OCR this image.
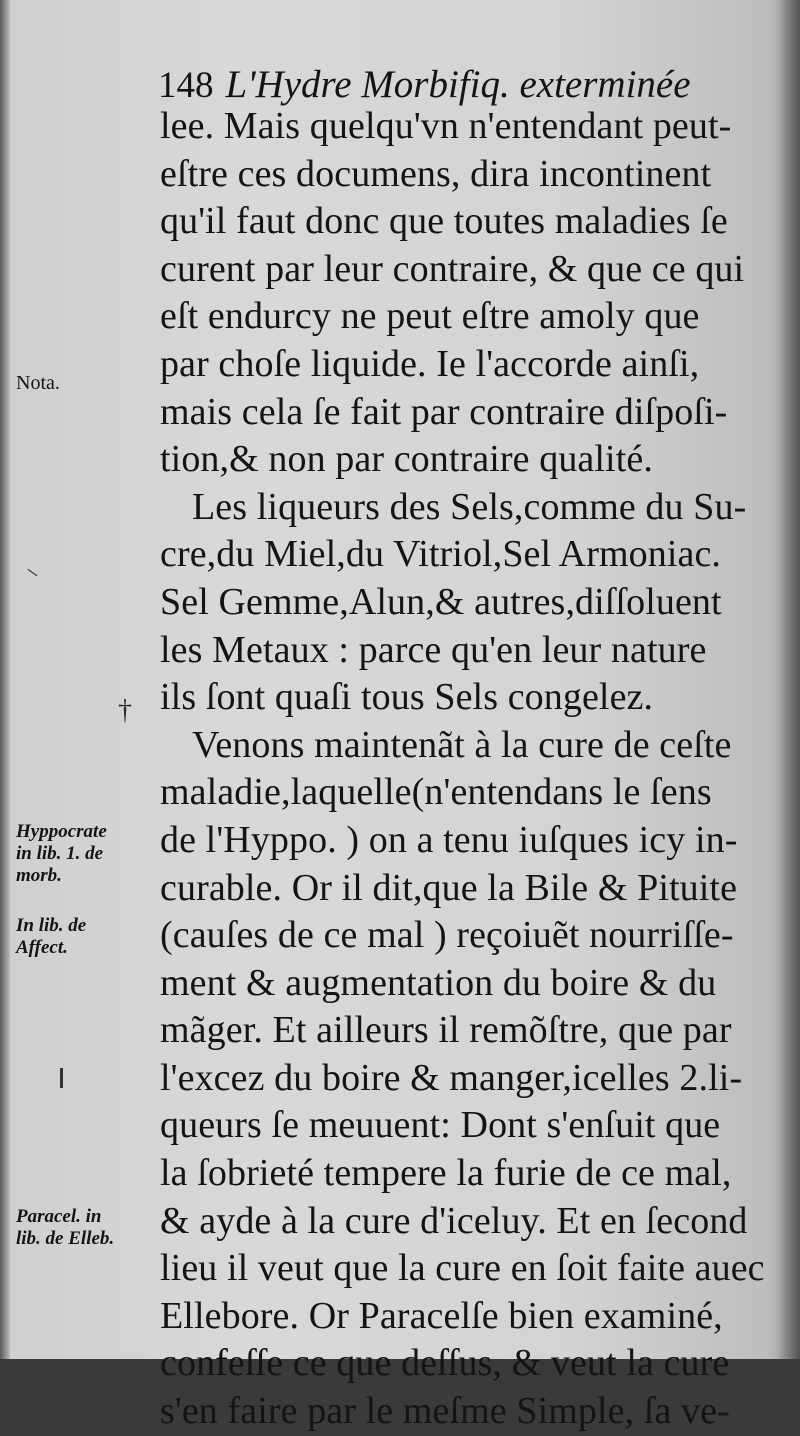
148 L'Hydre Morbifiq. exterminée
lee. Mais quelqu'vn n'entendant peut-
eſtre ces documens, dira incontinent
qu'il faut donc que toutes maladies ſe
curent par leur contraire, & que ce qui
eſt endurcy ne peut eſtre amoly que
par choſe liquide. Ie l'accorde ainſi,
mais cela ſe fait par contraire diſpoſi-
tion,& non par contraire qualité.
Les liqueurs des Sels,comme du Su-
cre,du Miel,du Vitriol,Sel Armoniac.
Sel Gemme,Alun,& autres,diſſoluent
les Metaux : parce qu'en leur nature
ils ſont quaſi tous Sels congelez.
Venons maintenãt à la cure de ceſte
maladie,laquelle(n'entendans le ſens
de l'Hyppo. ) on a tenu iuſques icy in-
curable. Or il dit,que la Bile & Pituite
(cauſes de ce mal ) reçoiuẽt nourriſſe-
ment & augmentation du boire & du
mãger. Et ailleurs il remõſtre, que par
l'excez du boire & manger,icelles 2.li-
queurs ſe meuuent: Dont s'enſuit que
la ſobrieté tempere la furie de ce mal,
& ayde à la cure d'iceluy. Et en ſecond
lieu il veut que la cure en ſoit faite auec
Ellebore. Or Paracelſe bien examiné,
confeſſe ce que deſſus, & veut la cure
s'en faire par le meſme Simple, ſa ve-
Nota.
Hyppocrate
in lib. 1. de
morb.
In lib. de
Affect.
Paracel. in
lib. de Elleb.
–
†
